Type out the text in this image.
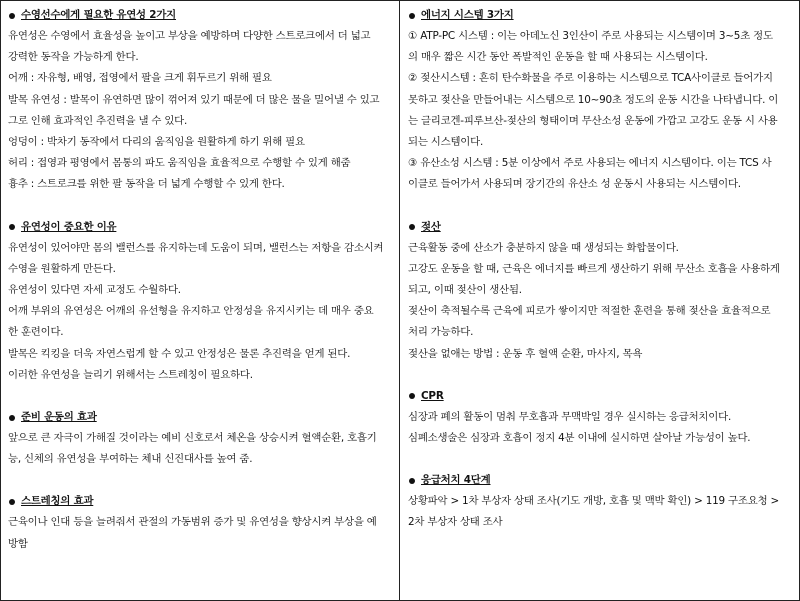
수영선수에게 필요한 유연성 2가지
유연성은 수영에서 효율성을 높이고 부상을 예방하며 다양한 스트로크에서 더 넓고
강력한 동작을 가능하게 한다.
어깨 : 자유형, 배영, 접영에서 팔을 크게 휘두르기 위해 필요
발목 유연성 : 발목이 유연하면 많이 꺾어져 있기 때문에 더 많은 물을 밀어낼 수 있고
그로 인해 효과적인 추진력을 낼 수 있다.
엉덩이 : 박차기 동작에서 다리의 움직임을 원활하게 하기 위해 필요
허리 : 접영과 평영에서 몸통의 파도 움직임을 효율적으로 수행할 수 있게 해줌
흉추 : 스트로크를 위한 팔 동작을 더 넓게 수행할 수 있게 한다.
유연성이 중요한 이유
유연성이 있어야만 몸의 밸런스를 유지하는데 도움이 되며, 밸런스는 저항을 감소시켜
수영을 원활하게 만든다.
유연성이 있다면 자세 교정도 수월하다.
어깨 부위의 유연성은 어깨의 유선형을 유지하고 안정성을 유지시키는 데 매우 중요
한 훈련이다.
발목은 킥킹을 더욱 자연스럽게 할 수 있고 안정성은 물론 추진력을 얻게 된다.
이러한 유연성을 늘리기 위해서는 스트레칭이 필요하다.
준비 운동의 효과
앞으로 큰 자극이 가해질 것이라는 예비 신호로서 체온을 상승시켜 혈액순환, 호흡기
능, 신체의 유연성을 부여하는 체내 신진대사를 높여 줌.
스트레칭의 효과
근육이나 인대 등을 늘려줘서 관절의 가동범위 증가 및 유연성을 향상시켜 부상을 예
방함
에너지 시스템 3가지
① ATP-PC 시스템 : 이는 아데노신 3인산이 주로 사용되는 시스템이며 3~5초 정도
의 매우 짧은 시간 동안 폭발적인 운동을 할 때 사용되는 시스템이다.
② 젖산시스템 : 흔히 탄수화물을 주로 이용하는 시스템으로 TCA사이클로 들어가지
못하고 젖산을 만들어내는 시스템으로 10~90초 정도의 운동 시간을 나타냅니다. 이
는 글리코겐-피루브산-젖산의 형태이며 무산소성 운동에 가깝고 고강도 운동 시 사용
되는 시스템이다.
③ 유산소성 시스템 : 5분 이상에서 주로 사용되는 에너지 시스템이다. 이는 TCS 사
이클로 들어가서 사용되며 장기간의 유산소 성 운동시 사용되는 시스템이다.
젖산
근육활동 중에 산소가 충분하지 않을 때 생성되는 화합물이다.
고강도 운동을 할 때, 근육은 에너지를 빠르게 생산하기 위해 무산소 호흡을 사용하게
되고, 이때 젖산이 생산됨.
젖산이 축적될수록 근육에 피로가 쌓이지만 적절한 훈련을 통해 젖산을 효율적으로
처리 가능하다.
젖산을 없애는 방법 : 운동 후 혈액 순환, 마사지, 목욕
CPR
심장과 폐의 활동이 멈춰 무호흡과 무맥박일 경우 실시하는 응급처치이다.
심폐소생술은 심장과 호흡이 정지 4분 이내에 실시하면 살아날 가능성이 높다.
응급처치 4단계
상황파악 > 1차 부상자 상태 조사(기도 개방, 호흡 및 맥박 확인) > 119 구조요청 >
2차 부상자 상태 조사
